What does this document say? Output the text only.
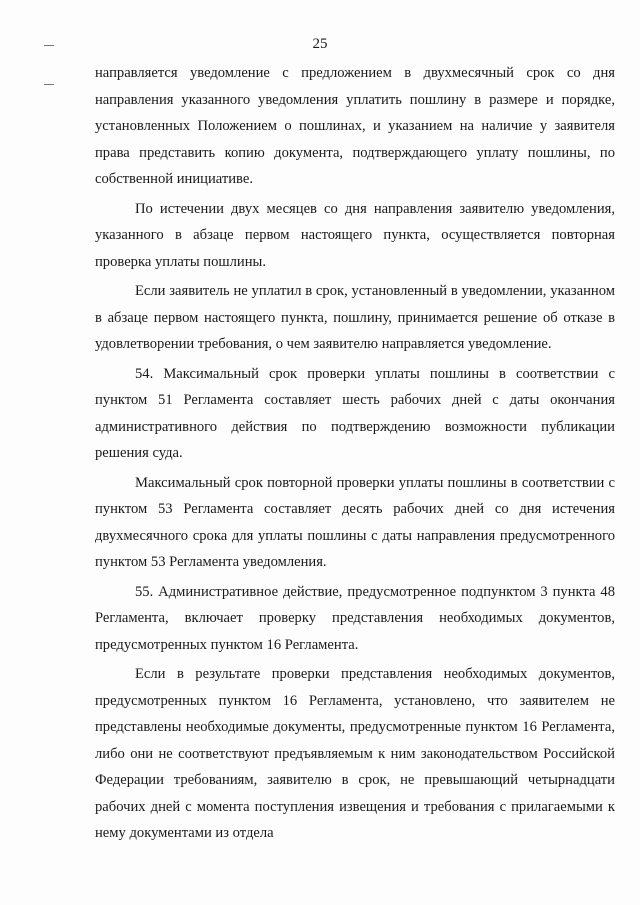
25

направляется уведомление с предложением в двухмесячный срок со дня направления указанного уведомления уплатить пошлину в размере и порядке, установленных Положением о пошлинах, и указанием на наличие у заявителя права представить копию документа, подтверждающего уплату пошлины, по собственной инициативе.

По истечении двух месяцев со дня направления заявителю уведомления, указанного в абзаце первом настоящего пункта, осуществляется повторная проверка уплаты пошлины.

Если заявитель не уплатил в срок, установленный в уведомлении, указанном в абзаце первом настоящего пункта, пошлину, принимается решение об отказе в удовлетворении требования, о чем заявителю направляется уведомление.

54. Максимальный срок проверки уплаты пошлины в соответствии с пунктом 51 Регламента составляет шесть рабочих дней с даты окончания административного действия по подтверждению возможности публикации решения суда.

Максимальный срок повторной проверки уплаты пошлины в соответствии с пунктом 53 Регламента составляет десять рабочих дней со дня истечения двухмесячного срока для уплаты пошлины с даты направления предусмотренного пунктом 53 Регламента уведомления.

55. Административное действие, предусмотренное подпунктом 3 пункта 48 Регламента, включает проверку представления необходимых документов, предусмотренных пунктом 16 Регламента.

Если в результате проверки представления необходимых документов, предусмотренных пунктом 16 Регламента, установлено, что заявителем не представлены необходимые документы, предусмотренные пунктом 16 Регламента, либо они не соответствуют предъявляемым к ним законодательством Российской Федерации требованиям, заявителю в срок, не превышающий четырнадцати рабочих дней с момента поступления извещения и требования с прилагаемыми к нему документами из отдела
